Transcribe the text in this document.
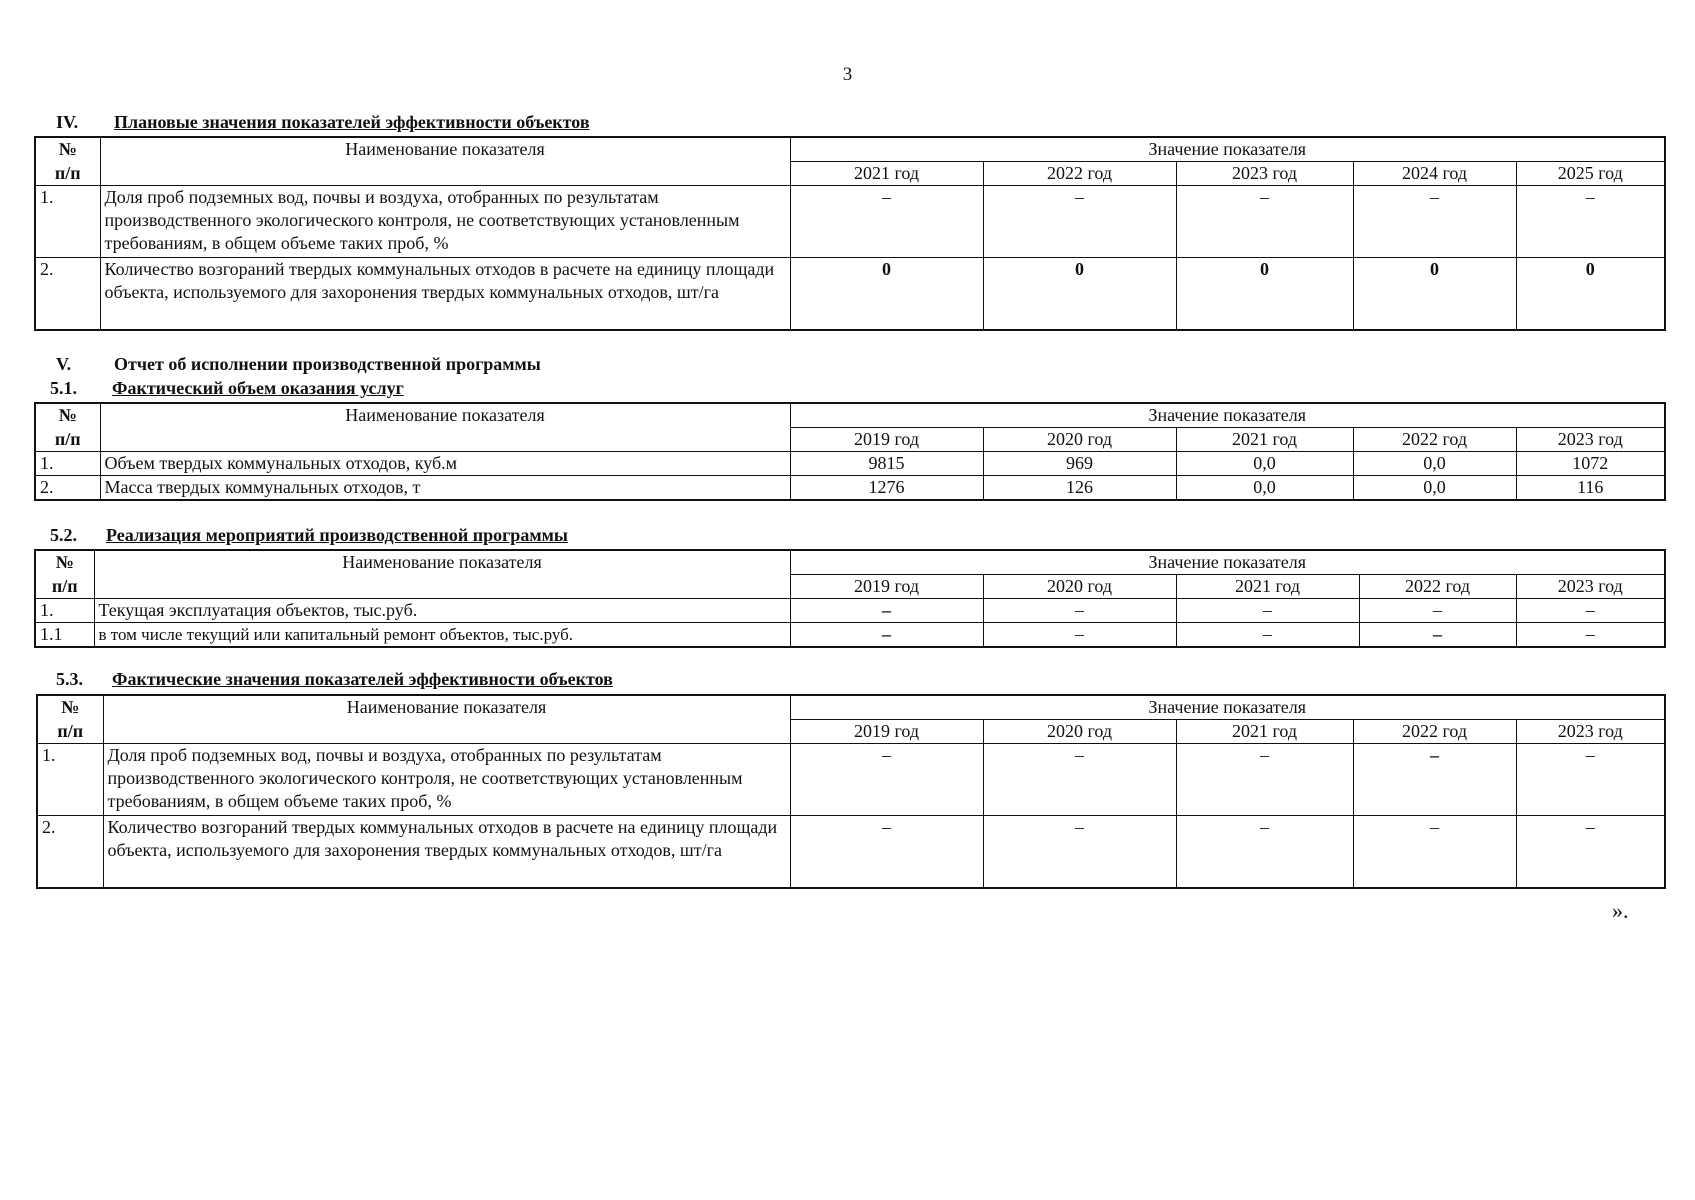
3
IV. Плановые значения показателей эффективности объектов
№	Наименование показателя	Значение показателя				
п/п		2021 год	2022 год	2023 год	2024 год	2025 год
1.	Доля проб подземных вод, почвы и воздуха, отобранных по результатам производственного экологического контроля, не соответствующих установленным требованиям, в общем объеме таких проб, %	–	–	–	–	–
2.	Количество возгораний твердых коммунальных отходов в расчете на единицу площади объекта, используемого для захоронения твердых коммунальных отходов, шт/га	0	0	0	0	0
V. Отчет об исполнении производственной программы
5.1. Фактический объем оказания услуг
№	Наименование показателя	Значение показателя				
п/п		2019 год	2020 год	2021 год	2022 год	2023 год
1.	Объем твердых коммунальных отходов, куб.м	9815	969	0,0	0,0	1072
2.	Масса твердых коммунальных отходов, т	1276	126	0,0	0,0	116
5.2. Реализация мероприятий производственной программы
№	Наименование показателя	Значение показателя				
п/п		2019 год	2020 год	2021 год	2022 год	2023 год
1.	Текущая эксплуатация объектов, тыс.руб.	–	–	–	–	–
1.1	в том числе текущий или капитальный ремонт объектов, тыс.руб.	–	–	–	–	–
5.3. Фактические значения показателей эффективности объектов
№	Наименование показателя	Значение показателя				
п/п		2019 год	2020 год	2021 год	2022 год	2023 год
1.	Доля проб подземных вод, почвы и воздуха, отобранных по результатам производственного экологического контроля, не соответствующих установленным требованиям, в общем объеме таких проб, %	–	–	–	–	–
2.	Количество возгораний твердых коммунальных отходов в расчете на единицу площади объекта, используемого для захоронения твердых коммунальных отходов, шт/га	–	–	–	–	–
».
